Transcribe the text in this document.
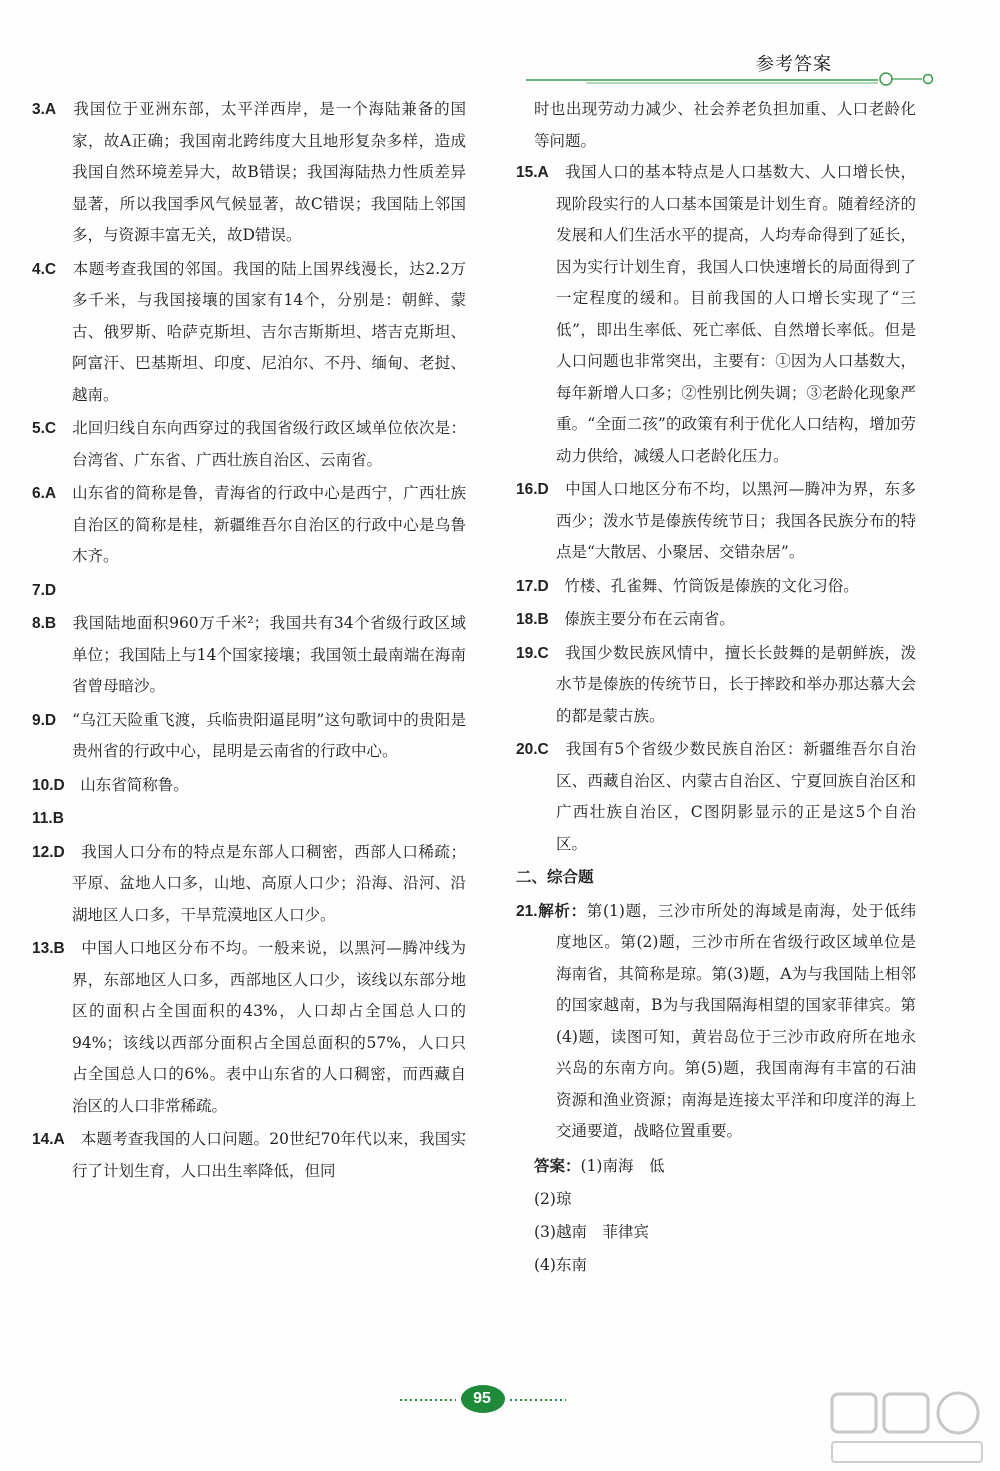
参考答案
3.A　 我国位于亚洲东部，太平洋西岸，是一个海陆兼备的国家，故A正确；我国南北跨纬度大且地形复杂多样，造成我国自然环境差异大，故B错误；我国海陆热力性质差异显著，所以我国季风气候显著，故C错误；我国陆上邻国多，与资源丰富无关，故D错误。
4.C　 本题考查我国的邻国。我国的陆上国界线漫长，达2.2万多千米，与我国接壤的国家有14个，分别是：朝鲜、蒙古、俄罗斯、哈萨克斯坦、吉尔吉斯斯坦、塔吉克斯坦、阿富汗、巴基斯坦、印度、尼泊尔、不丹、缅甸、老挝、越南。
5.C　 北回归线自东向西穿过的我国省级行政区域单位依次是：台湾省、广东省、广西壮族自治区、云南省。
6.A　 山东省的简称是鲁，青海省的行政中心是西宁，广西壮族自治区的简称是桂，新疆维吾尔自治区的行政中心是乌鲁木齐。
7.D　
8.B　 我国陆地面积960万千米²；我国共有34个省级行政区域单位；我国陆上与14个国家接壤；我国领土最南端在海南省曾母暗沙。
9.D　 “乌江天险重飞渡，兵临贵阳逼昆明”这句歌词中的贵阳是贵州省的行政中心，昆明是云南省的行政中心。
10.D　 山东省简称鲁。
11.B　
12.D　 我国人口分布的特点是东部人口稠密，西部人口稀疏；平原、盆地人口多，山地、高原人口少；沿海、沿河、沿湖地区人口多，干旱荒漠地区人口少。
13.B　 中国人口地区分布不均。一般来说，以黑河—腾冲线为界，东部地区人口多，西部地区人口少，该线以东部分地区的面积占全国面积的43%，人口却占全国总人口的94%；该线以西部分面积占全国总面积的57%，人口只占全国总人口的6%。表中山东省的人口稠密，而西藏自治区的人口非常稀疏。
14.A　 本题考查我国的人口问题。20世纪70年代以来，我国实行了计划生育，人口出生率降低，但同
时也出现劳动力减少、社会养老负担加重、人口老龄化等问题。
15.A　 我国人口的基本特点是人口基数大、人口增长快，现阶段实行的人口基本国策是计划生育。随着经济的发展和人们生活水平的提高，人均寿命得到了延长，因为实行计划生育，我国人口快速增长的局面得到了一定程度的缓和。目前我国的人口增长实现了“三低”，即出生率低、死亡率低、自然增长率低。但是人口问题也非常突出，主要有：①因为人口基数大，每年新增人口多；②性别比例失调；③老龄化现象严重。“全面二孩”的政策有利于优化人口结构，增加劳动力供给，减缓人口老龄化压力。
16.D　 中国人口地区分布不均，以黑河—腾冲为界，东多西少；泼水节是傣族传统节日；我国各民族分布的特点是“大散居、小聚居、交错杂居”。
17.D　 竹楼、孔雀舞、竹筒饭是傣族的文化习俗。
18.B　 傣族主要分布在云南省。
19.C　 我国少数民族风情中，擅长长鼓舞的是朝鲜族，泼水节是傣族的传统节日，长于摔跤和举办那达慕大会的都是蒙古族。
20.C　 我国有5个省级少数民族自治区：新疆维吾尔自治区、西藏自治区、内蒙古自治区、宁夏回族自治区和广西壮族自治区，C图阴影显示的正是这5个自治区。
二、综合题
21.解析：第(1)题，三沙市所处的海域是南海，处于低纬度地区。第(2)题，三沙市所在省级行政区域单位是海南省，其简称是琼。第(3)题，A为与我国陆上相邻的国家越南，B为与我国隔海相望的国家菲律宾。第(4)题，读图可知，黄岩岛位于三沙市政府所在地永兴岛的东南方向。第(5)题，我国南海有丰富的石油资源和渔业资源；南海是连接太平洋和印度洋的海上交通要道，战略位置重要。
答案：(1)南海　低
(2)琼
(3)越南　菲律宾
(4)东南
95
